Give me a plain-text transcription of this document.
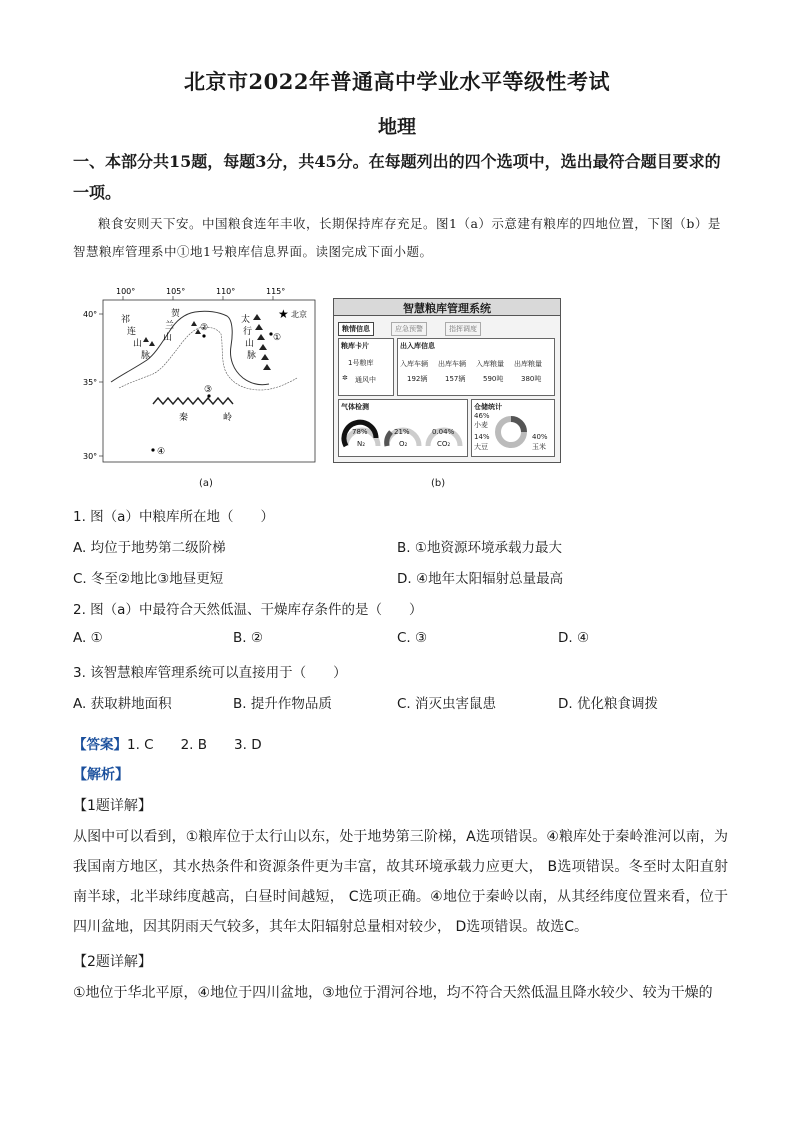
北京市2022年普通高中学业水平等级性考试
地理
一、本部分共15题，每题3分，共45分。在每题列出的四个选项中，选出最符合题目要求的一项。
粮食安则天下安。中国粮食连年丰收，长期保持库存充足。图1（a）示意建有粮库的四地位置，下图（b）是智慧粮库管理系中①地1号粮库信息界面。读图完成下面小题。
100°	105°	110°	115°
40°
35°
30°
祁
连
山
脉
贺
兰
山
太
行
山
脉
秦	岭
★ 北京
①
②
③
④
(a)
智慧粮库管理系统
粮情信息	应急预警	指挥调度
粮库卡片
1号粮库
✲ 通风中
出入库信息
入库车辆 出库车辆 入库粮量 出库粮量
192辆	157辆	590吨	380吨
气体检测
78%
N₂
21%
O₂
0.04%
CO₂
仓储统计
46%
小麦
14%
大豆
40%
玉米
(b)
1. 图（a）中粮库所在地（　　）
A. 均位于地势第二级阶梯	B. ①地资源环境承载力最大
C. 冬至②地比③地昼更短	D. ④地年太阳辐射总量最高
2. 图（a）中最符合天然低温、干燥库存条件的是（　　）
A. ①	B. ②	C. ③	D. ④
3. 该智慧粮库管理系统可以直接用于（　　）
A. 获取耕地面积	B. 提升作物品质	C. 消灭虫害鼠患	D. 优化粮食调拨
【答案】1. C　　2. B　　3. D
【解析】
【1题详解】
从图中可以看到，①粮库位于太行山以东，处于地势第三阶梯，A选项错误。④粮库处于秦岭淮河以南，为我国南方地区，其水热条件和资源条件更为丰富，故其环境承载力应更大， B选项错误。冬至时太阳直射南半球，北半球纬度越高，白昼时间越短， C选项正确。④地位于秦岭以南，从其经纬度位置来看，位于四川盆地，因其阴雨天气较多，其年太阳辐射总量相对较少， D选项错误。故选C。
【2题详解】
①地位于华北平原，④地位于四川盆地，③地位于渭河谷地，均不符合天然低温且降水较少、较为干燥的
